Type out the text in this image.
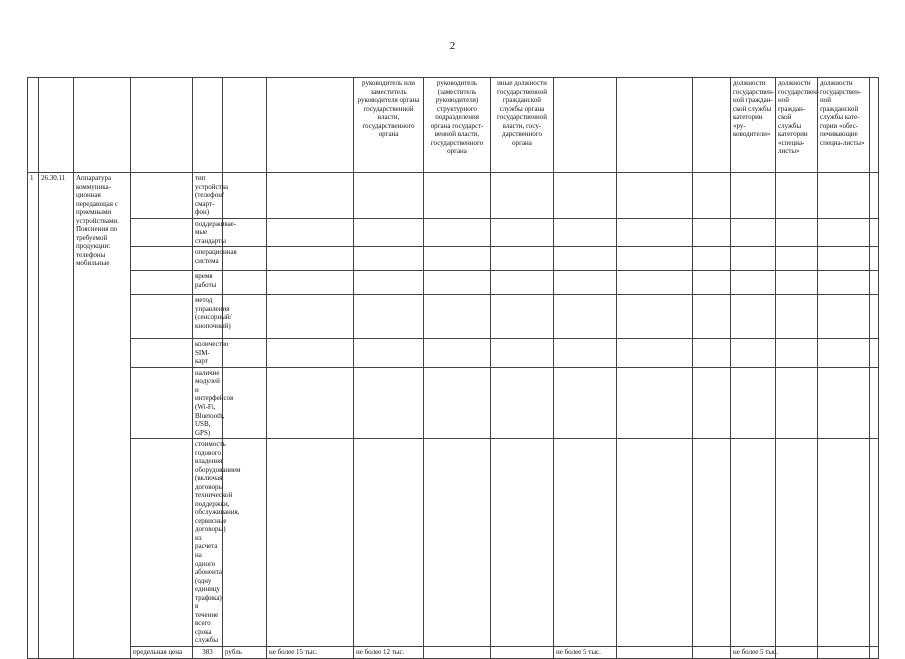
2
							руководитель или заместитель руководителя органа государственной власти, государственного органа	руководитель (заместитель руководителя) структурного подразделения органа государст-венной власти, государственного органа	иные должности государственной гражданской службы органа государственной власти, госу-дарственного органа				должности государствен-ной граждан-ской службы категории «ру-ководители»	должности государствен-ной граждан-ской службы категории «специа-листы»	должности государствен-ной гражданской службы кате-гории «обес-печивающие специа-листы»	
1	26.30.11	Аппаратура коммуника-ционная передающая с приемными устройствами. Пояснения по требуемой продукции: телефоны мобильные		тип устройства (телефон/смарт-фон)												
				поддерживае-мые стандарты												
				операционная система												
				время работы												
				метод управления (сенсорный/ кнопочный)												
				количество SIM-карт												
				наличие модулей и интерфейсов (Wi-Fi, Bluetooth, USB, GPS)												
				стоимость годового владения оборудованием (включая договоры технической поддержки, обслуживания, сервисные договоры) из расчета на одного абонента (одну единицу трафика) в течение всего срока службы												
			предельная цена	383	рубль	не более 15 тыс.	не более 12 тыс.			не более 5 тыс.			не более 5 тыс.			
